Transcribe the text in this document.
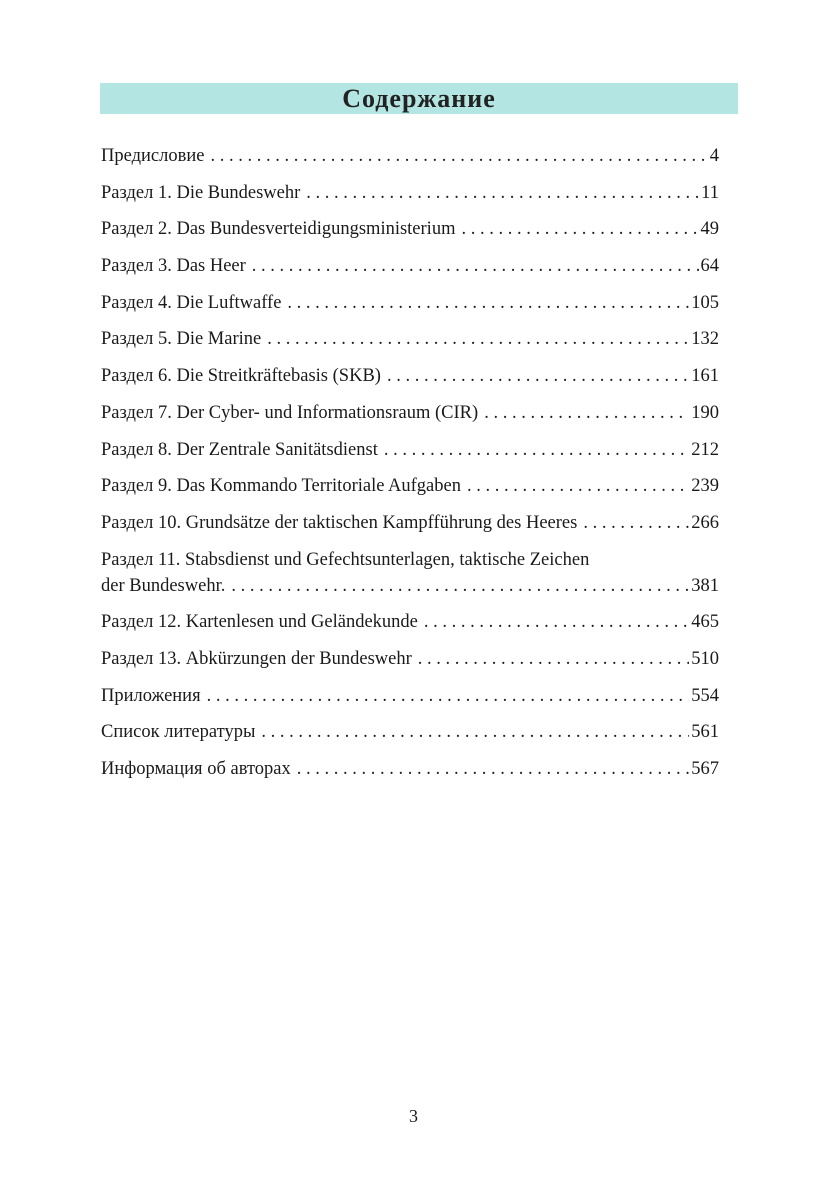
Содержание
Предисловие . . .	4
Раздел 1. Die Bundeswehr . . .	11
Раздел 2. Das Bundesverteidigungsministerium . . .	49
Раздел 3. Das Heer . . .	64
Раздел 4. Die Luftwaffe . . .	105
Раздел 5. Die Marine . . .	132
Раздел 6. Die Streitkräftebasis (SKB) . . .	161
Раздел 7. Der Cyber- und Informationsraum (CIR) . . .	190
Раздел 8. Der Zentrale Sanitätsdienst . . .	212
Раздел 9. Das Kommando Territoriale Aufgaben . . .	239
Раздел 10. Grundsätze der taktischen Kampfführung des Heeres . . .	266
Раздел 11. Stabsdienst und Gefechtsunterlagen, taktische Zeichen
der Bundeswehr. . . .	381
Раздел 12. Kartenlesen und Geländekunde . . .	465
Раздел 13. Abkürzungen der Bundeswehr . . .	510
Приложения . . .	554
Список литературы . . .	561
Информация об авторах . . .	567
3
